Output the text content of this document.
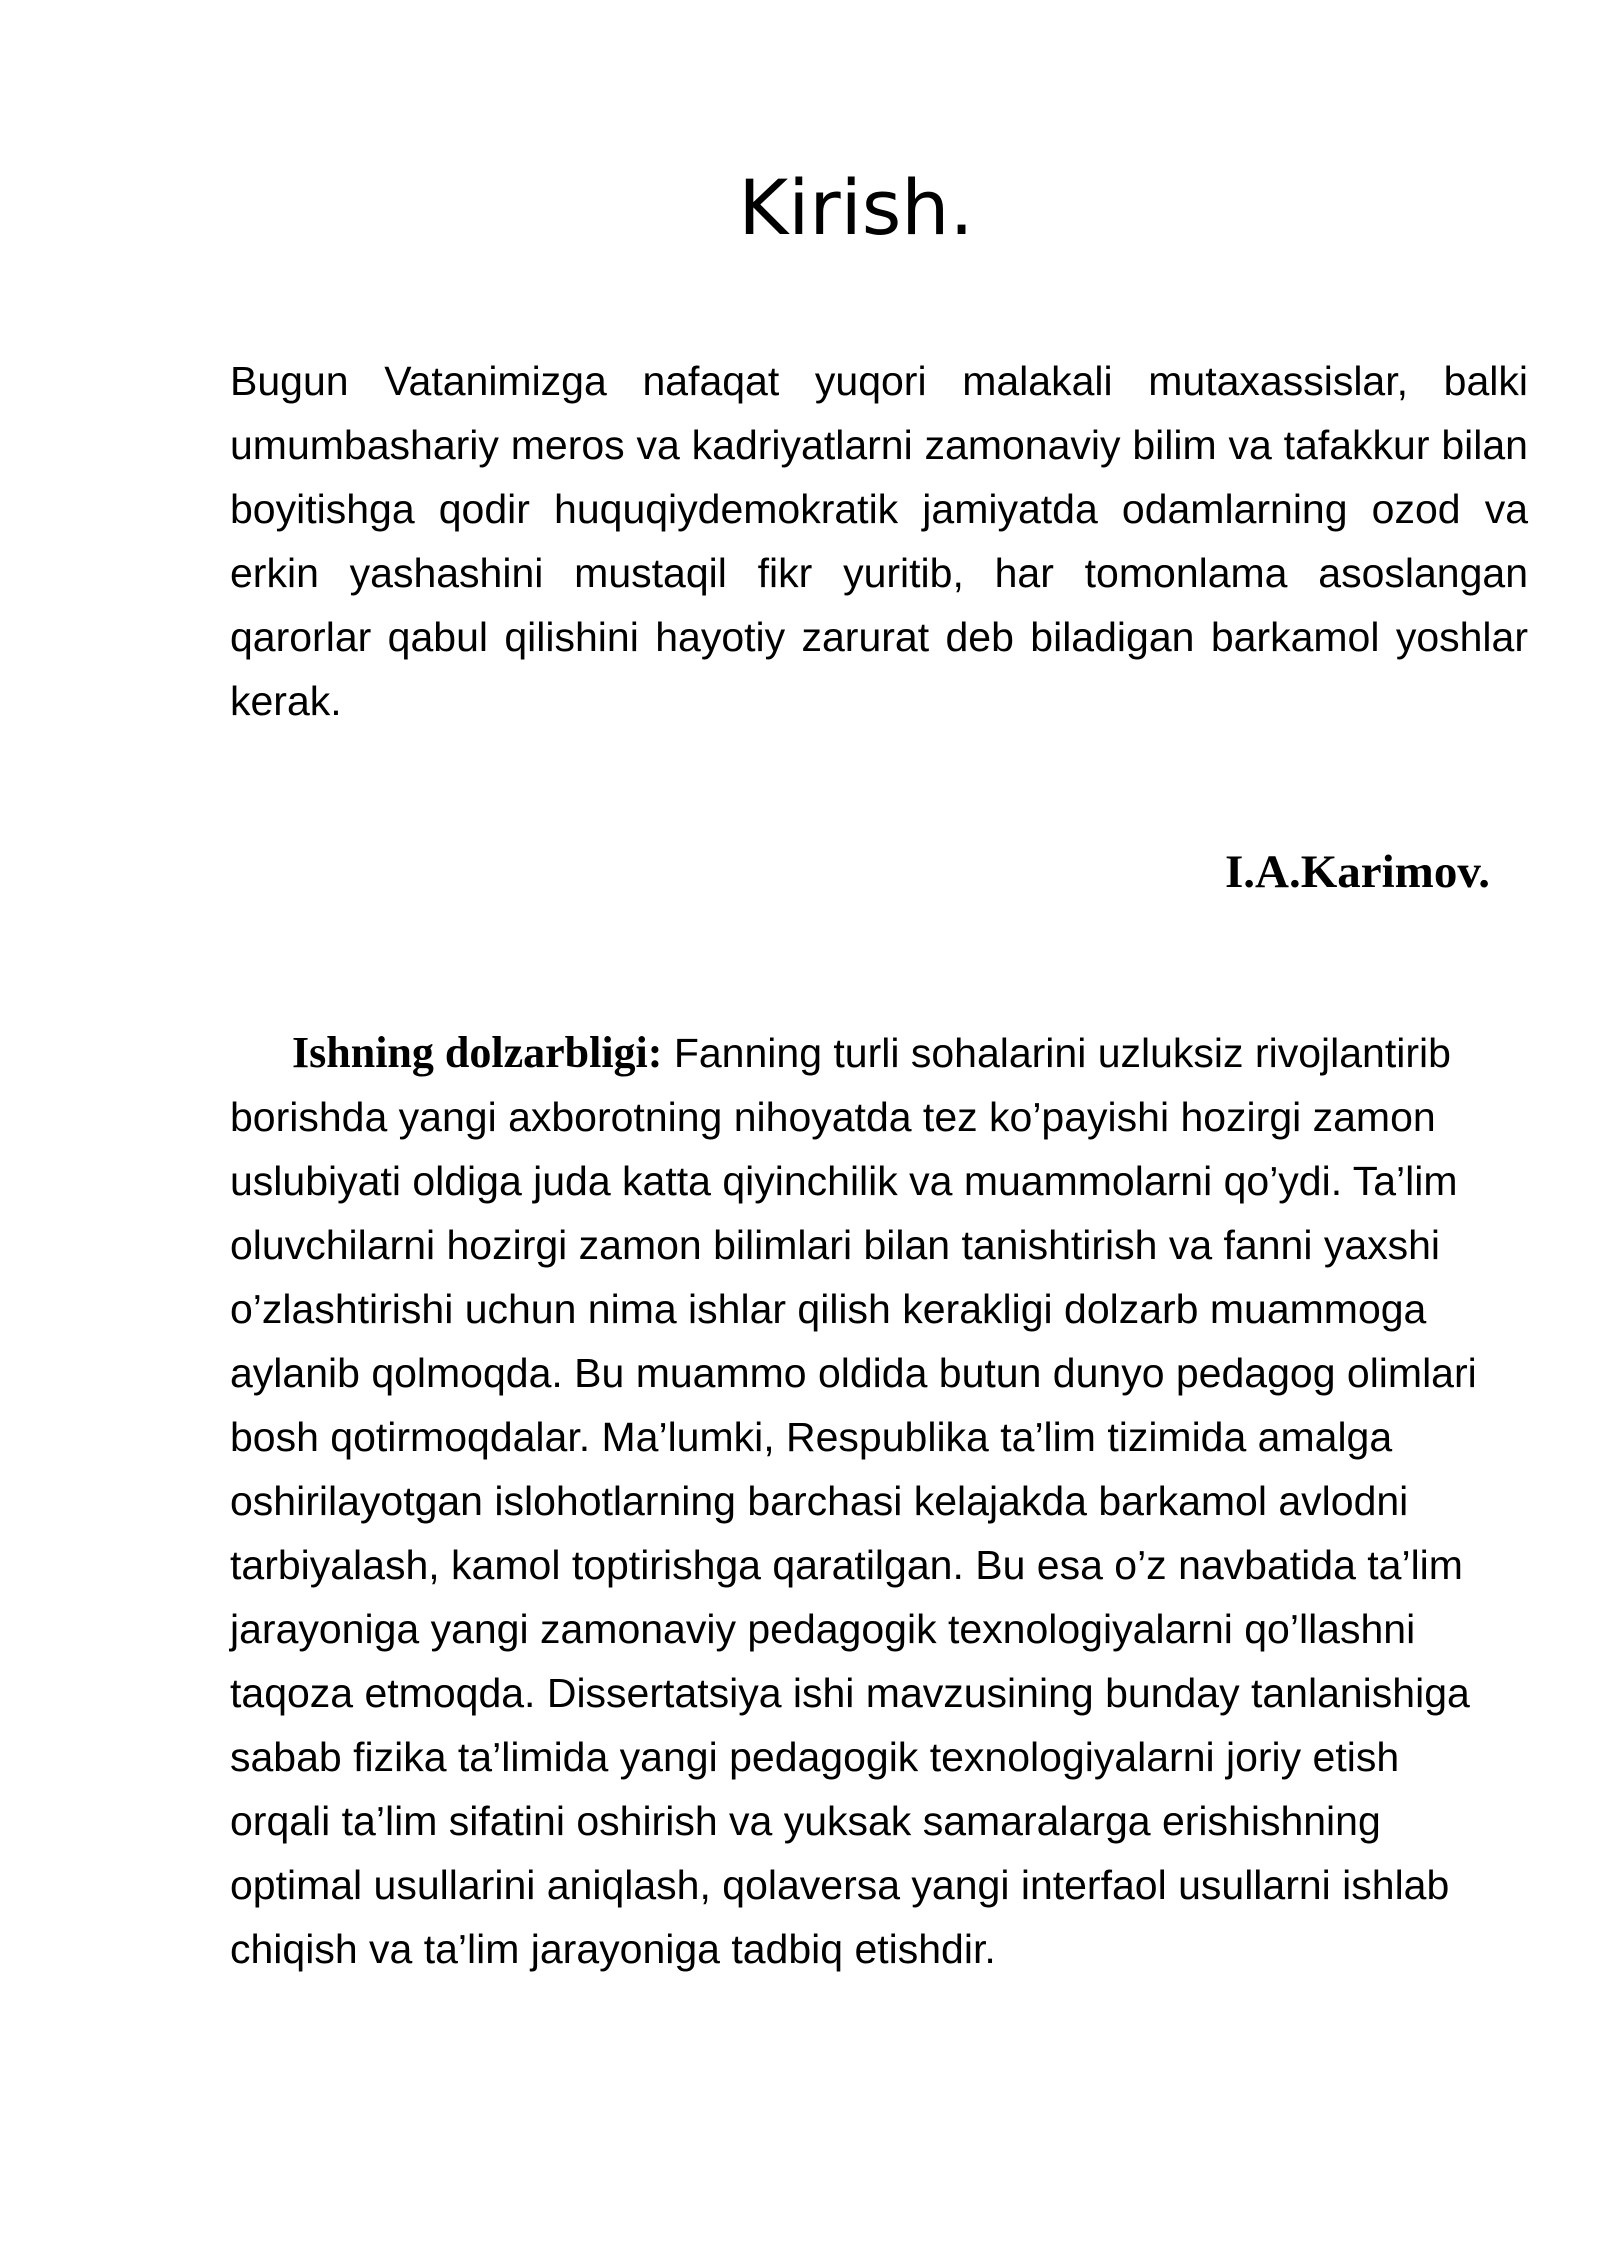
Kirish.

Bugun Vatanimizga nafaqat yuqori malakali mutaxassislar, balki umumbashariy meros va kadriyatlarni zamonaviy bilim va tafakkur bilan boyitishga qodir huquqiydemokratik jamiyatda odamlarning ozod va erkin yashashini mustaqil fikr yuritib, har tomonlama asoslangan qarorlar qabul qilishini hayotiy zarurat deb biladigan barkamol yoshlar kerak.

I.A.Karimov.

Ishning dolzarbligi: Fanning turli sohalarini uzluksiz rivojlantirib borishda yangi axborotning nihoyatda tez ko’payishi hozirgi zamon uslubiyati oldiga juda katta qiyinchilik va muammolarni qo’ydi. Ta’lim oluvchilarni hozirgi zamon bilimlari bilan tanishtirish va fanni yaxshi o’zlashtirishi uchun nima ishlar qilish kerakligi dolzarb muammoga aylanib qolmoqda. Bu muammo oldida butun dunyo pedagog olimlari bosh qotirmoqdalar. Ma’lumki, Respublika ta’lim tizimida amalga oshirilayotgan islohotlarning barchasi kelajakda barkamol avlodni tarbiyalash, kamol toptirishga qaratilgan. Bu esa o’z navbatida ta’lim jarayoniga yangi zamonaviy pedagogik texnologiyalarni qo’llashni taqoza etmoqda. Dissertatsiya ishi mavzusining bunday tanlanishiga sabab fizika ta’limida yangi pedagogik texnologiyalarni joriy etish orqali ta’lim sifatini oshirish va yuksak samaralarga erishishning optimal usullarini aniqlash, qolaversa yangi interfaol usullarni ishlab chiqish va ta’lim jarayoniga tadbiq etishdir.
